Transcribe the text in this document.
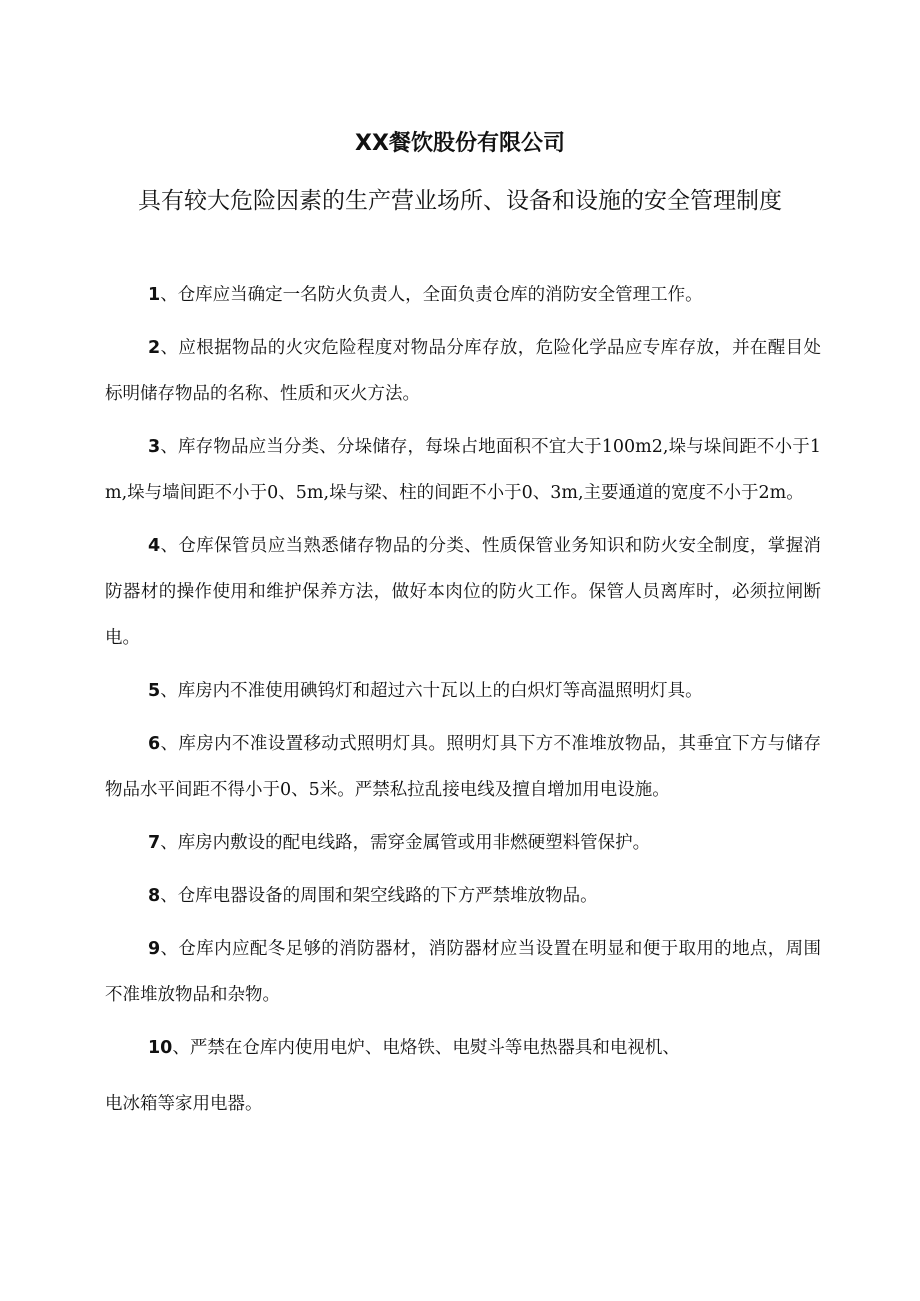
XX餐饮股份有限公司
具有较大危险因素的生产营业场所、设备和设施的安全管理制度
1、仓库应当确定一名防火负责人，全面负责仓库的消防安全管理工作。
2、应根据物品的火灾危险程度对物品分库存放，危险化学品应专库存放，并在醒目处标明储存物品的名称、性质和灭火方法。
3、库存物品应当分类、分垛储存，每垛占地面积不宜大于100m2,垛与垛间距不小于1m,垛与墙间距不小于0、5m,垛与梁、柱的间距不小于0、3m,主要通道的宽度不小于2m。
4、仓库保管员应当熟悉储存物品的分类、性质保管业务知识和防火安全制度，掌握消防器材的操作使用和维护保养方法，做好本肉位的防火工作。保管人员离库时，必须拉闸断电。
5、库房内不准使用碘钨灯和超过六十瓦以上的白炽灯等高温照明灯具。
6、库房内不准设置移动式照明灯具。照明灯具下方不准堆放物品，其垂宜下方与储存物品水平间距不得小于0、5米。严禁私拉乱接电线及擅自增加用电设施。
7、库房内敷设的配电线路，需穿金属管或用非燃硬塑料管保护。
8、仓库电器设备的周围和架空线路的下方严禁堆放物品。
9、仓库内应配冬足够的消防器材，消防器材应当设置在明显和便于取用的地点，周围不准堆放物品和杂物。
10、严禁在仓库内使用电炉、电烙铁、电熨斗等电热器具和电视机、
电冰箱等家用电器。
